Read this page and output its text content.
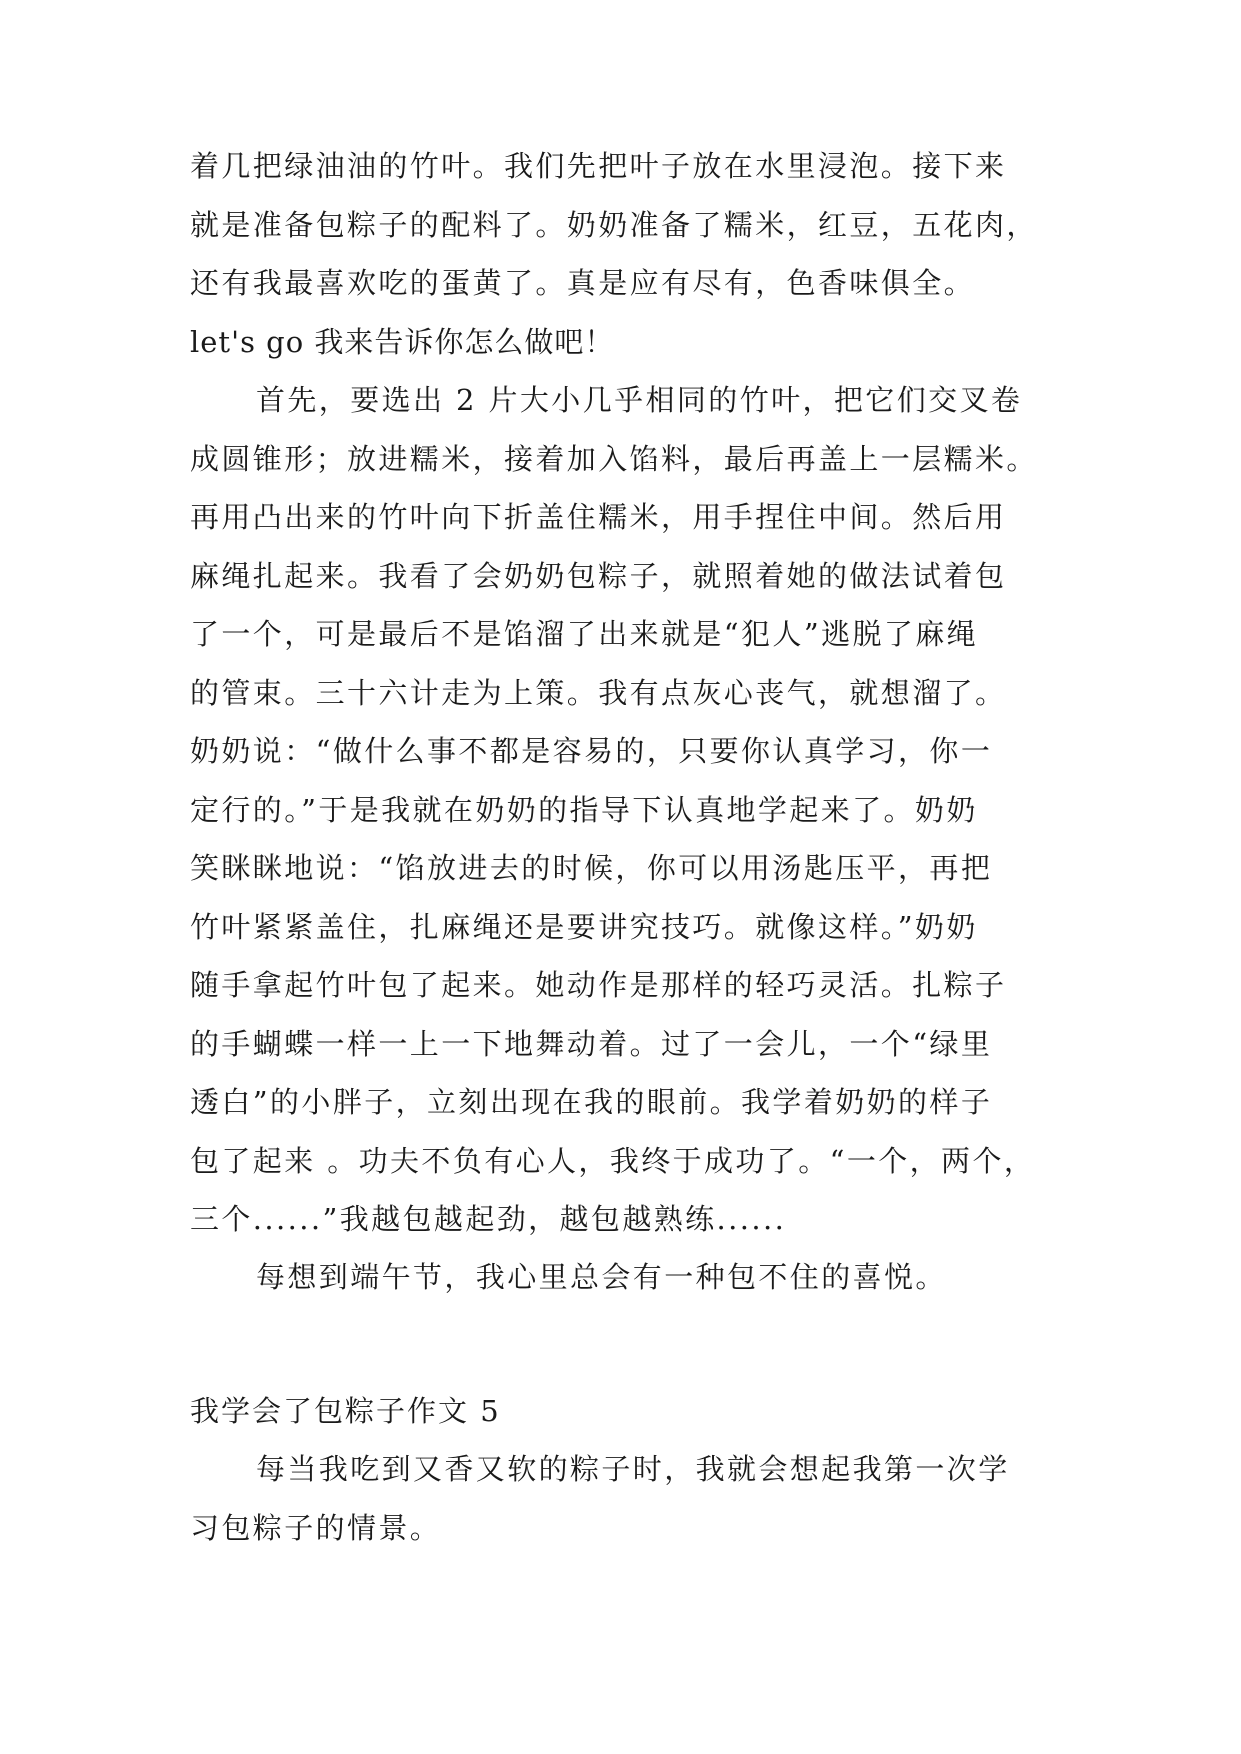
着几把绿油油的竹叶。我们先把叶子放在水里浸泡。接下来
就是准备包粽子的配料了。奶奶准备了糯米，红豆，五花肉，
还有我最喜欢吃的蛋黄了。真是应有尽有，色香味俱全。
let's go 我来告诉你怎么做吧！
首先，要选出 2 片大小几乎相同的竹叶，把它们交叉卷
成圆锥形；放进糯米，接着加入馅料，最后再盖上一层糯米。
再用凸出来的竹叶向下折盖住糯米，用手捏住中间。然后用
麻绳扎起来。我看了会奶奶包粽子，就照着她的做法试着包
了一个，可是最后不是馅溜了出来就是“犯人”逃脱了麻绳
的管束。三十六计走为上策。我有点灰心丧气，就想溜了。
奶奶说：“做什么事不都是容易的，只要你认真学习，你一
定行的。”于是我就在奶奶的指导下认真地学起来了。奶奶
笑眯眯地说：“馅放进去的时候，你可以用汤匙压平，再把
竹叶紧紧盖住，扎麻绳还是要讲究技巧。就像这样。”奶奶
随手拿起竹叶包了起来。她动作是那样的轻巧灵活。扎粽子
的手蝴蝶一样一上一下地舞动着。过了一会儿，一个“绿里
透白”的小胖子，立刻出现在我的眼前。我学着奶奶的样子
包了起来 。功夫不负有心人，我终于成功了。“一个，两个，
三个......”我越包越起劲，越包越熟练......
每想到端午节，我心里总会有一种包不住的喜悦。
我学会了包粽子作文 5
每当我吃到又香又软的粽子时，我就会想起我第一次学
习包粽子的情景。
